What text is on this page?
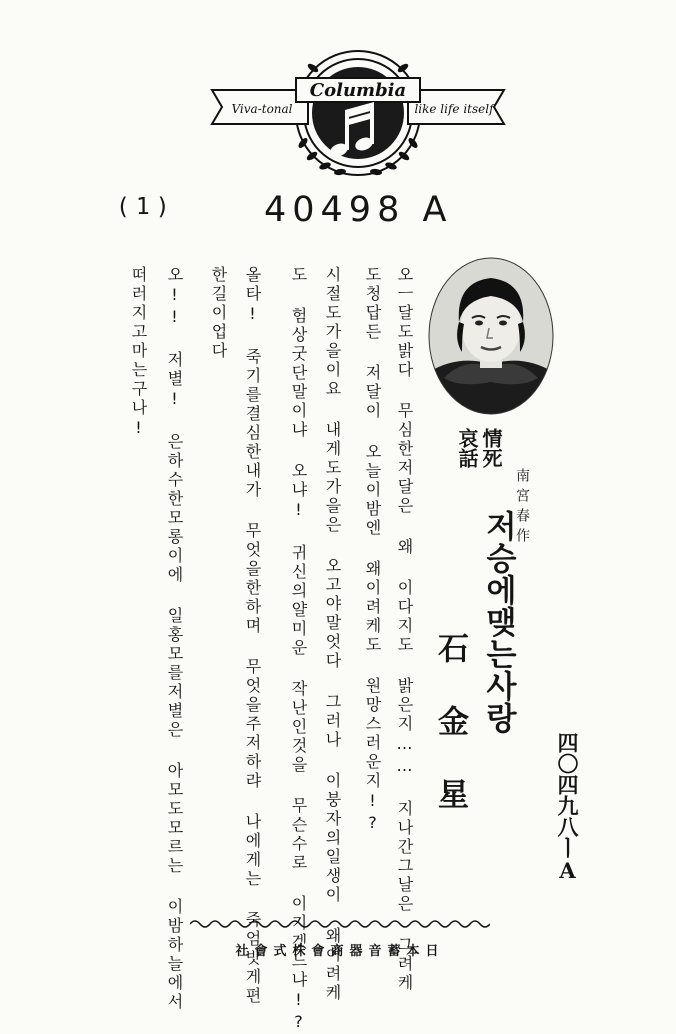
Columbia
Viva-tonal	like life itself
(1)	40498 A
오ㅡ달도밝다 무심한저달은 왜 이다지도 밝은지…… 지나간그날은 그려케
도청답든 저달이 오늘이밤엔 왜이려케도 원망스러운지!?
시절도가을이요 내게도가을은 오고야말엇다 그러나 이붕자의일생이 왜이려케
도 험상굿단말이냐 오냐! 귀신의얄미운 작난인것을 무슨수로 이기겟느냐!?
올타! 죽기를결심한내가 무엇을한하며 무엇을주저하랴 나에게는 죽엄밧게편
한길이업다
오!! 저별! 은하수한모롱이에 일홍모를저별은 아모도모르는 이밤하늘에서
떠러지고마는구나!
情死
哀話
南宮春作
저승에맺는사랑
石金星	四〇四九八ㅣA
日本蓄音器商會株式會社
